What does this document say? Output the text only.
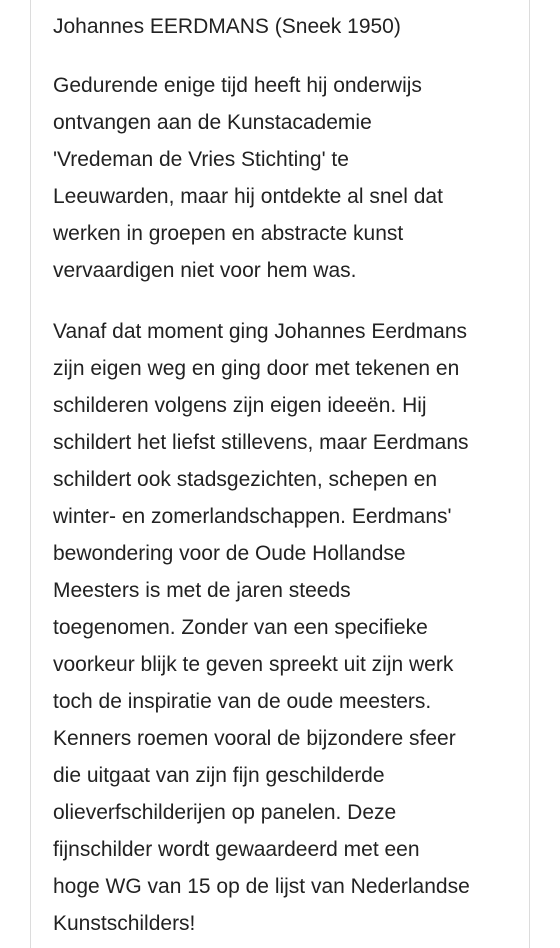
Johannes EERDMANS (Sneek 1950)

Gedurende enige tijd heeft hij onderwijs
ontvangen aan de Kunstacademie
'Vredeman de Vries Stichting' te
Leeuwarden, maar hij ontdekte al snel dat
werken in groepen en abstracte kunst
vervaardigen niet voor hem was.

Vanaf dat moment ging Johannes Eerdmans
zijn eigen weg en ging door met tekenen en
schilderen volgens zijn eigen ideeën. Hij
schildert het liefst stillevens, maar Eerdmans
schildert ook stadsgezichten, schepen en
winter- en zomerlandschappen. Eerdmans'
bewondering voor de Oude Hollandse
Meesters is met de jaren steeds
toegenomen. Zonder van een specifieke
voorkeur blijk te geven spreekt uit zijn werk
toch de inspiratie van de oude meesters.
Kenners roemen vooral de bijzondere sfeer
die uitgaat van zijn fijn geschilderde
olieverfschilderijen op panelen. Deze
fijnschilder wordt gewaardeerd met een
hoge WG van 15 op de lijst van Nederlandse
Kunstschilders!
